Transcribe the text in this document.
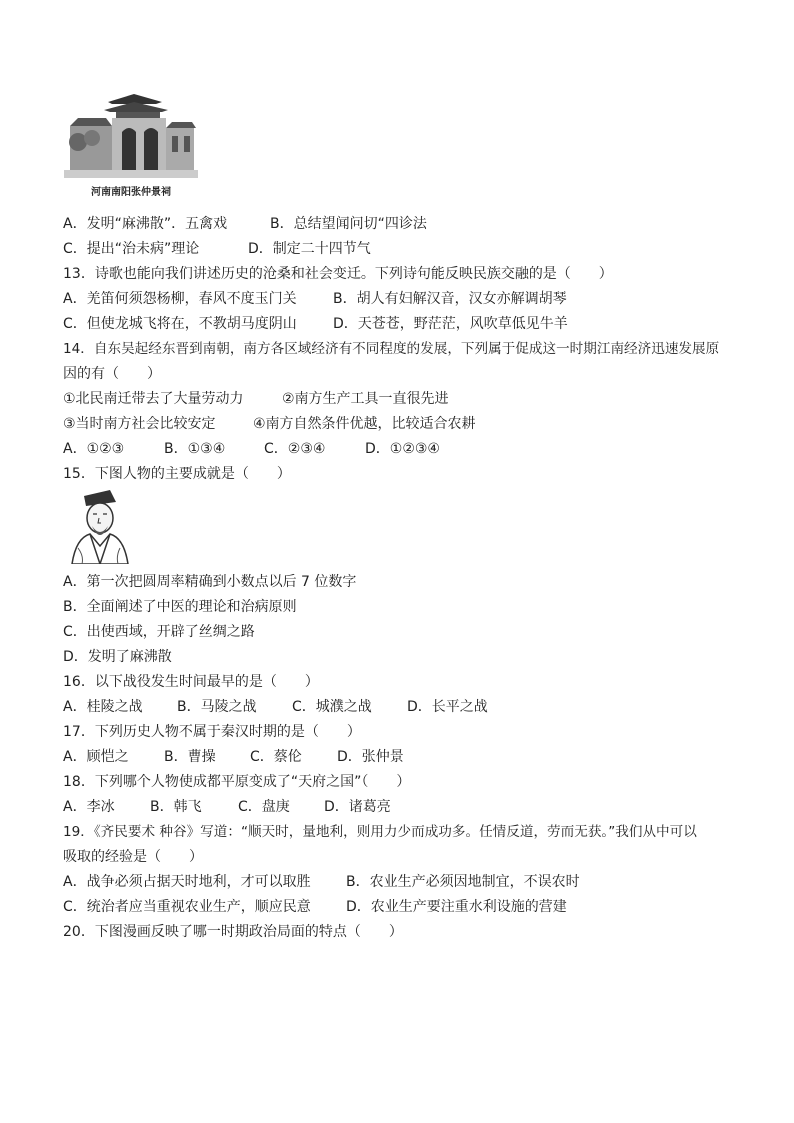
河南南阳张仲景祠
A．发明“麻沸散”．五禽戏	B．总结望闻问切“四诊法
C．提出“治未病”理论	D．制定二十四节气
13．诗歌也能向我们讲述历史的沧桑和社会变迁。下列诗句能反映民族交融的是（　　）
A．羌笛何须怨杨柳，春风不度玉门关	B．胡人有妇解汉音，汉女亦解调胡琴
C．但使龙城飞将在，不教胡马度阴山	D．天苍苍，野茫茫，风吹草低见牛羊
14．自东吴起经东晋到南朝，南方各区域经济有不同程度的发展，下列属于促成这一时期江南经济迅速发展原
因的有（　　）
①北民南迁带去了大量劳动力	②南方生产工具一直很先进
③当时南方社会比较安定	④南方自然条件优越，比较适合农耕
A．①②③	B．①③④	C．②③④	D．①②③④
15．下图人物的主要成就是（　　）
A．第一次把圆周率精确到小数点以后 7 位数字
B．全面阐述了中医的理论和治病原则
C．出使西域，开辟了丝绸之路
D．发明了麻沸散
16．以下战役发生时间最早的是（　　）
A．桂陵之战 B．马陵之战	C．城濮之战	D．长平之战
17．下列历史人物不属于秦汉时期的是（　　）
A．顾恺之	B．曹操 C．蔡伦	D．张仲景
18．下列哪个人物使成都平原变成了“天府之国”（　　）
A．李冰	B．韩飞	C．盘庚 D．诸葛亮
19．《齐民要术 种谷》写道：“顺天时，量地利，则用力少而成功多。任情反道，劳而无获。”我们从中可以
吸取的经验是（　　）
A．战争必须占据天时地利，才可以取胜	B．农业生产必须因地制宜，不误农时
C．统治者应当重视农业生产，顺应民意	D．农业生产要注重水利设施的营建
20．下图漫画反映了哪一时期政治局面的特点（　　）
